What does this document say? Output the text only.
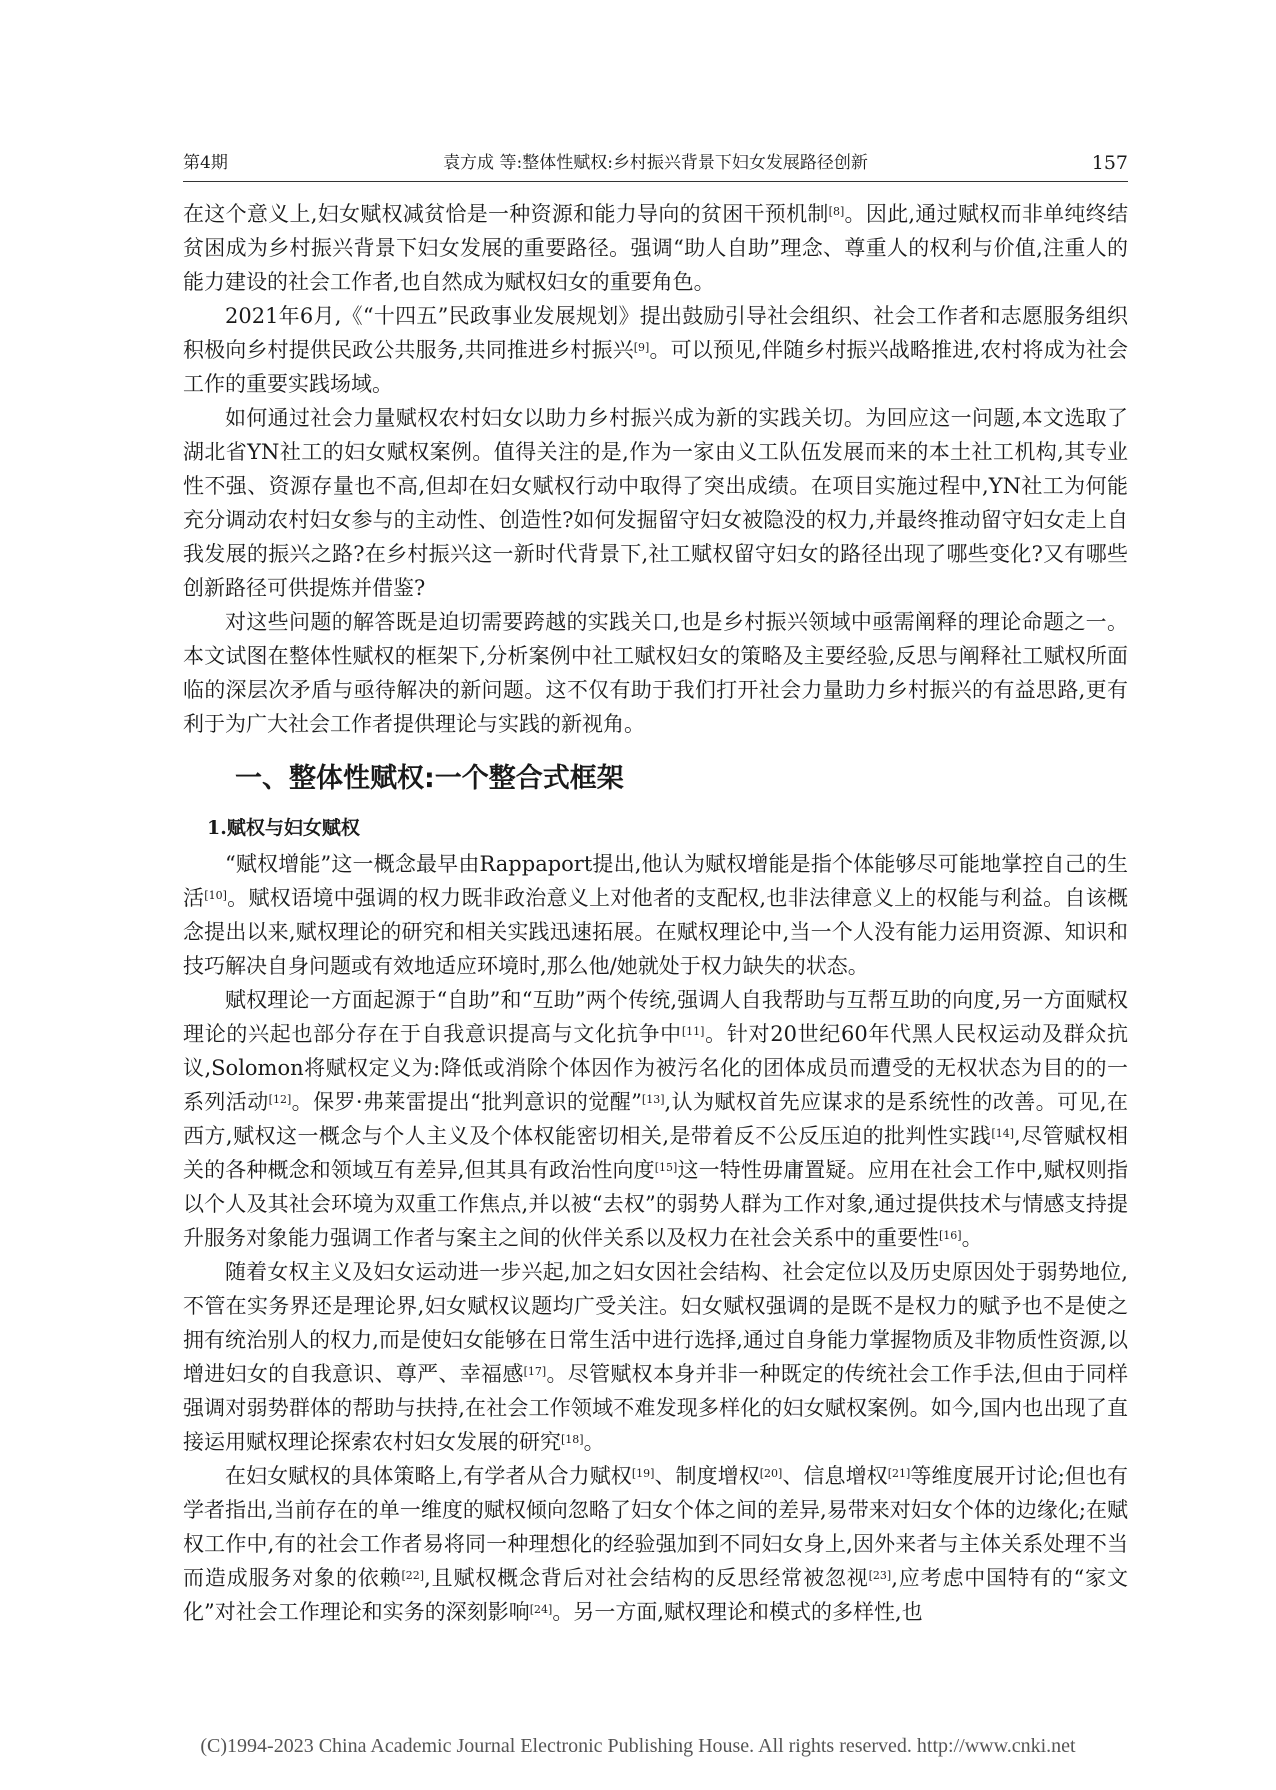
第4期	袁方成 等:整体性赋权:乡村振兴背景下妇女发展路径创新	157

在这个意义上,妇女赋权减贫恰是一种资源和能力导向的贫困干预机制[8]。因此,通过赋权而非单纯终结贫困成为乡村振兴背景下妇女发展的重要路径。强调“助人自助”理念、尊重人的权利与价值,注重人的能力建设的社会工作者,也自然成为赋权妇女的重要角色。

2021年6月,《“十四五”民政事业发展规划》提出鼓励引导社会组织、社会工作者和志愿服务组织积极向乡村提供民政公共服务,共同推进乡村振兴[9]。可以预见,伴随乡村振兴战略推进,农村将成为社会工作的重要实践场域。

如何通过社会力量赋权农村妇女以助力乡村振兴成为新的实践关切。为回应这一问题,本文选取了湖北省YN社工的妇女赋权案例。值得关注的是,作为一家由义工队伍发展而来的本土社工机构,其专业性不强、资源存量也不高,但却在妇女赋权行动中取得了突出成绩。在项目实施过程中,YN社工为何能充分调动农村妇女参与的主动性、创造性?如何发掘留守妇女被隐没的权力,并最终推动留守妇女走上自我发展的振兴之路?在乡村振兴这一新时代背景下,社工赋权留守妇女的路径出现了哪些变化?又有哪些创新路径可供提炼并借鉴?

对这些问题的解答既是迫切需要跨越的实践关口,也是乡村振兴领域中亟需阐释的理论命题之一。本文试图在整体性赋权的框架下,分析案例中社工赋权妇女的策略及主要经验,反思与阐释社工赋权所面临的深层次矛盾与亟待解决的新问题。这不仅有助于我们打开社会力量助力乡村振兴的有益思路,更有利于为广大社会工作者提供理论与实践的新视角。

一、整体性赋权:一个整合式框架
1.赋权与妇女赋权

“赋权增能”这一概念最早由Rappaport提出,他认为赋权增能是指个体能够尽可能地掌控自己的生活[10]。赋权语境中强调的权力既非政治意义上对他者的支配权,也非法律意义上的权能与利益。自该概念提出以来,赋权理论的研究和相关实践迅速拓展。在赋权理论中,当一个人没有能力运用资源、知识和技巧解决自身问题或有效地适应环境时,那么他/她就处于权力缺失的状态。

赋权理论一方面起源于“自助”和“互助”两个传统,强调人自我帮助与互帮互助的向度,另一方面赋权理论的兴起也部分存在于自我意识提高与文化抗争中[11]。针对20世纪60年代黑人民权运动及群众抗议,Solomon将赋权定义为:降低或消除个体因作为被污名化的团体成员而遭受的无权状态为目的的一系列活动[12]。保罗·弗莱雷提出“批判意识的觉醒”[13],认为赋权首先应谋求的是系统性的改善。可见,在西方,赋权这一概念与个人主义及个体权能密切相关,是带着反不公反压迫的批判性实践[14],尽管赋权相关的各种概念和领域互有差异,但其具有政治性向度[15]这一特性毋庸置疑。应用在社会工作中,赋权则指以个人及其社会环境为双重工作焦点,并以被“去权”的弱势人群为工作对象,通过提供技术与情感支持提升服务对象能力强调工作者与案主之间的伙伴关系以及权力在社会关系中的重要性[16]。

随着女权主义及妇女运动进一步兴起,加之妇女因社会结构、社会定位以及历史原因处于弱势地位,不管在实务界还是理论界,妇女赋权议题均广受关注。妇女赋权强调的是既不是权力的赋予也不是使之拥有统治别人的权力,而是使妇女能够在日常生活中进行选择,通过自身能力掌握物质及非物质性资源,以增进妇女的自我意识、尊严、幸福感[17]。尽管赋权本身并非一种既定的传统社会工作手法,但由于同样强调对弱势群体的帮助与扶持,在社会工作领域不难发现多样化的妇女赋权案例。如今,国内也出现了直接运用赋权理论探索农村妇女发展的研究[18]。

在妇女赋权的具体策略上,有学者从合力赋权[19]、制度增权[20]、信息增权[21]等维度展开讨论;但也有学者指出,当前存在的单一维度的赋权倾向忽略了妇女个体之间的差异,易带来对妇女个体的边缘化;在赋权工作中,有的社会工作者易将同一种理想化的经验强加到不同妇女身上,因外来者与主体关系处理不当而造成服务对象的依赖[22],且赋权概念背后对社会结构的反思经常被忽视[23],应考虑中国特有的“家文化”对社会工作理论和实务的深刻影响[24]。另一方面,赋权理论和模式的多样性,也

(C)1994-2023 China Academic Journal Electronic Publishing House. All rights reserved. http://www.cnki.net
